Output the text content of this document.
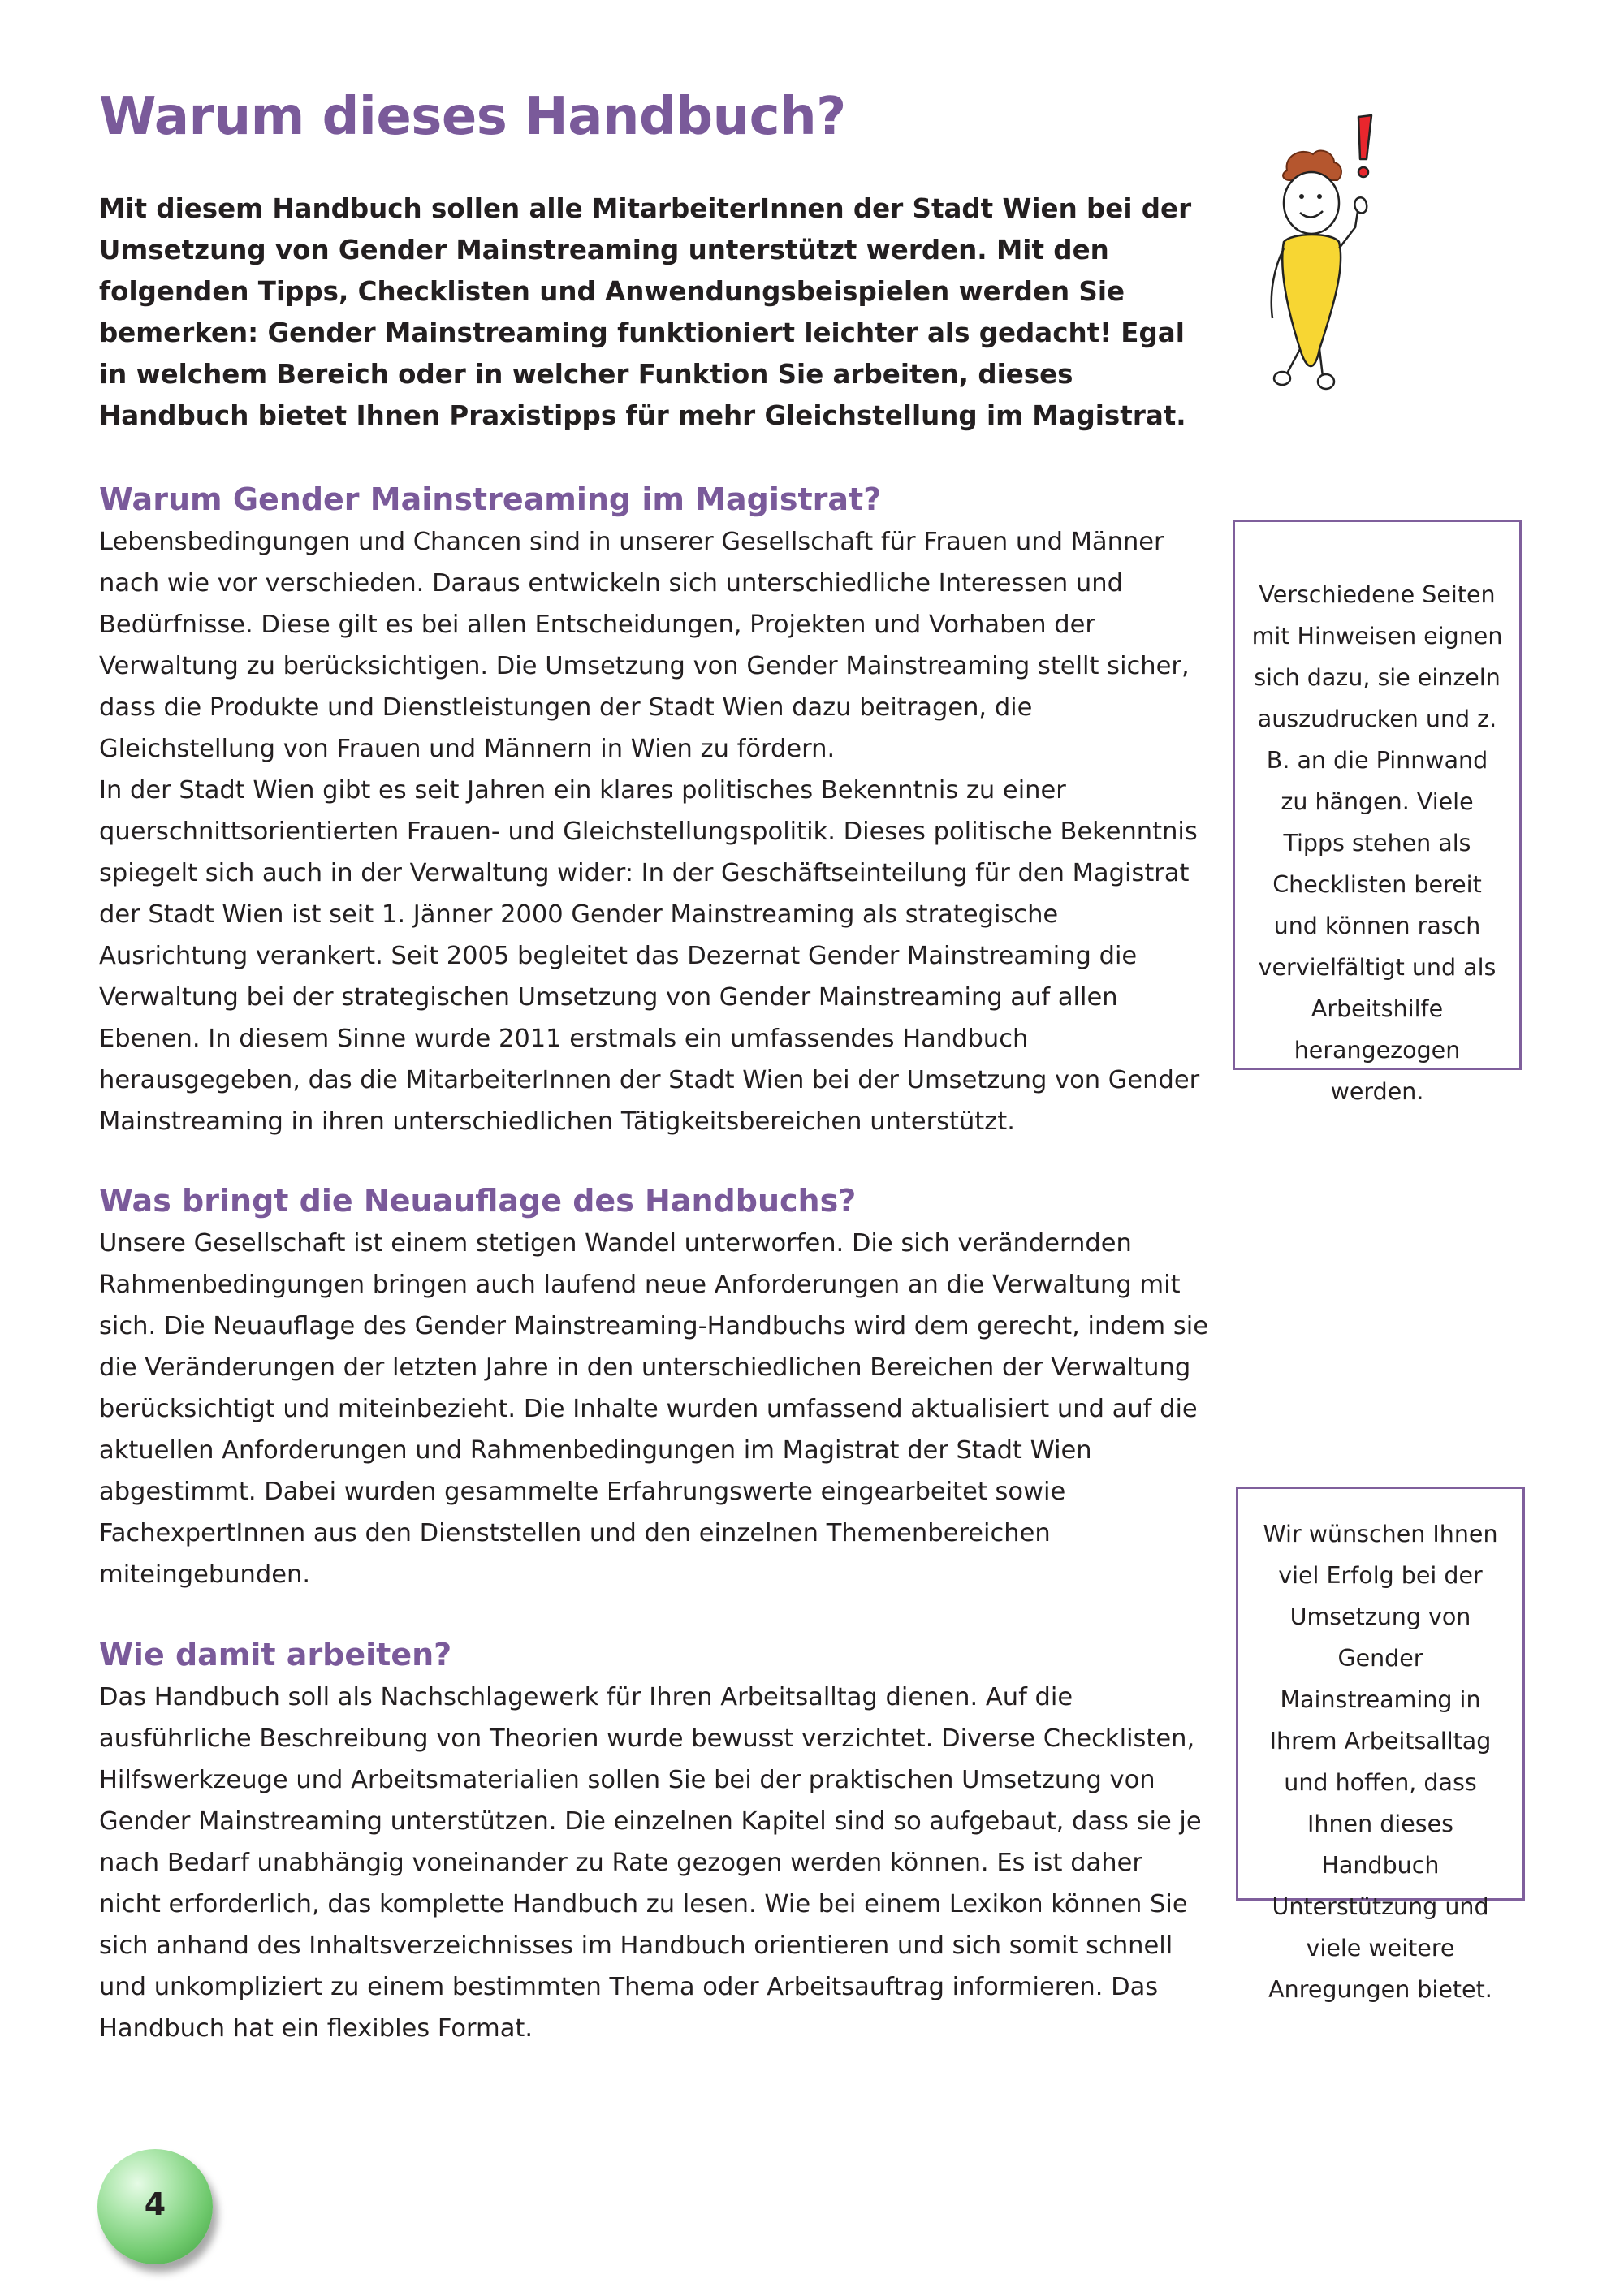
Warum dieses Handbuch?

Mit diesem Handbuch sollen alle MitarbeiterInnen der Stadt Wien bei der Umsetzung von Gender Mainstreaming unterstützt werden. Mit den folgenden Tipps, Checklisten und Anwendungsbeispielen werden Sie bemerken: Gender Mainstreaming funktioniert leichter als gedacht! Egal in welchem Bereich oder in welcher Funktion Sie arbeiten, dieses Handbuch bietet Ihnen Praxistipps für mehr Gleichstellung im Magistrat.

Warum Gender Mainstreaming im Magistrat?

Lebensbedingungen und Chancen sind in unserer Gesellschaft für Frauen und Männer nach wie vor verschieden. Daraus entwickeln sich unterschiedliche Interessen und Bedürfnisse. Diese gilt es bei allen Entscheidungen, Projekten und Vorhaben der Verwaltung zu berücksichtigen. Die Umsetzung von Gender Mainstreaming stellt sicher, dass die Produkte und Dienstleistungen der Stadt Wien dazu beitragen, die Gleichstellung von Frauen und Männern in Wien zu fördern.

In der Stadt Wien gibt es seit Jahren ein klares politisches Bekenntnis zu einer querschnittsorientierten Frauen- und Gleichstellungspolitik. Dieses politische Bekenntnis spiegelt sich auch in der Verwaltung wider: In der Geschäftseinteilung für den Magistrat der Stadt Wien ist seit 1. Jänner 2000 Gender Mainstreaming als strategische Ausrichtung verankert. Seit 2005 begleitet das Dezernat Gender Mainstreaming die Verwaltung bei der strategischen Umsetzung von Gender Mainstreaming auf allen Ebenen. In diesem Sinne wurde 2011 erstmals ein umfassendes Handbuch herausgegeben, das die MitarbeiterInnen der Stadt Wien bei der Umsetzung von Gender Mainstreaming in ihren unterschiedlichen Tätigkeitsbereichen unterstützt.

Was bringt die Neuauflage des Handbuchs?

Unsere Gesellschaft ist einem stetigen Wandel unterworfen. Die sich verändernden Rahmenbedingungen bringen auch laufend neue Anforderungen an die Verwaltung mit sich. Die Neuauflage des Gender Mainstreaming-Handbuchs wird dem gerecht, indem sie die Veränderungen der letzten Jahre in den unterschiedlichen Bereichen der Verwaltung berücksichtigt und miteinbezieht. Die Inhalte wurden umfassend aktualisiert und auf die aktuellen Anforderungen und Rahmenbedingungen im Magistrat der Stadt Wien abgestimmt. Dabei wurden gesammelte Erfahrungswerte eingearbeitet sowie FachexpertInnen aus den Dienststellen und den einzelnen Themenbereichen miteingebunden.

Wie damit arbeiten?

Das Handbuch soll als Nachschlagewerk für Ihren Arbeitsalltag dienen. Auf die ausführliche Beschreibung von Theorien wurde bewusst verzichtet. Diverse Checklisten, Hilfswerkzeuge und Arbeitsmaterialien sollen Sie bei der praktischen Umsetzung von Gender Mainstreaming unterstützen. Die einzelnen Kapitel sind so aufgebaut, dass sie je nach Bedarf unabhängig voneinander zu Rate gezogen werden können. Es ist daher nicht erforderlich, das komplette Handbuch zu lesen. Wie bei einem Lexikon können Sie sich anhand des Inhaltsverzeichnisses im Handbuch orientieren und sich somit schnell und unkompliziert zu einem bestimmten Thema oder Arbeitsauftrag informieren. Das Handbuch hat ein flexibles Format.

Verschiedene Seiten mit Hinweisen eignen sich dazu, sie einzeln auszudrucken und z. B. an die Pinnwand zu hängen. Viele Tipps stehen als Checklisten bereit und können rasch vervielfältigt und als Arbeitshilfe herangezogen werden.

Wir wünschen Ihnen viel Erfolg bei der Umsetzung von Gender Mainstreaming in Ihrem Arbeitsalltag und hoffen, dass Ihnen dieses Handbuch Unterstützung und viele weitere Anregungen bietet.

4
